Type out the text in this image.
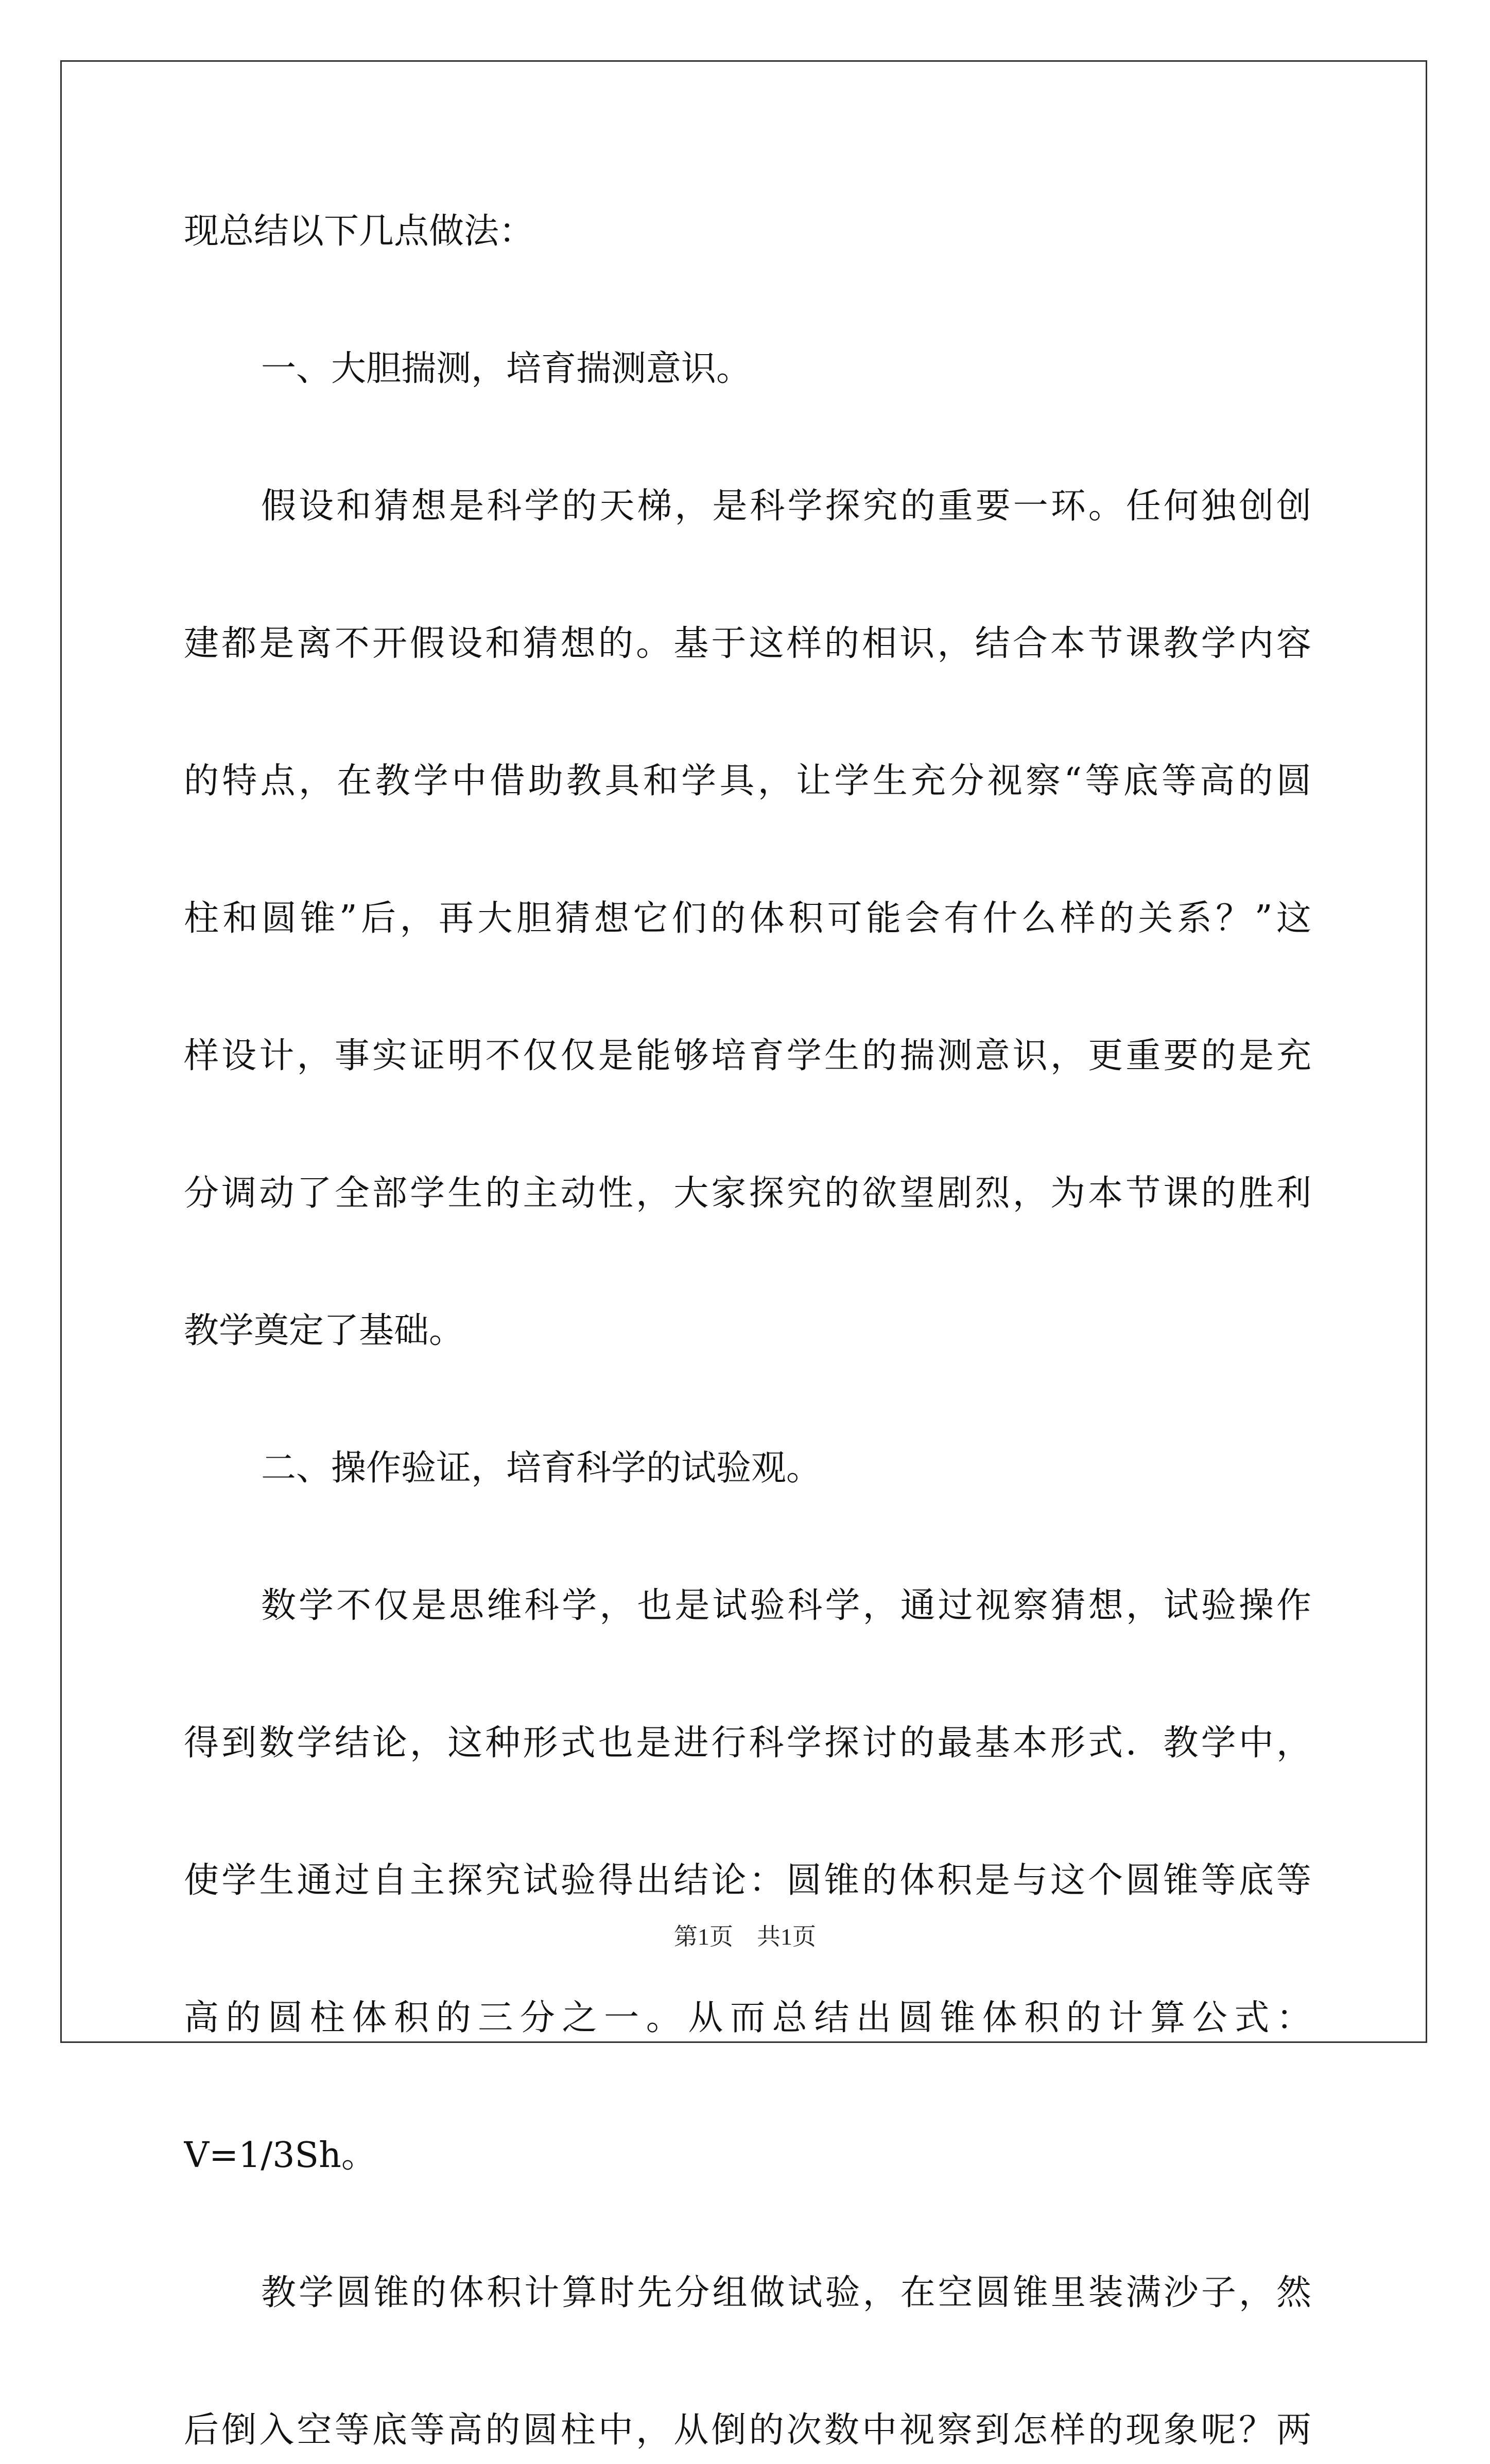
现总结以下几点做法：
一、大胆揣测，培育揣测意识。
假设和猜想是科学的天梯，是科学探究的重要一环。任何独创创
建都是离不开假设和猜想的。基于这样的相识，结合本节课教学内容
的特点，在教学中借助教具和学具，让学生充分视察“等底等高的圆
柱和圆锥”后，再大胆猜想它们的体积可能会有什么样的关系？”这
样设计，事实证明不仅仅是能够培育学生的揣测意识，更重要的是充
分调动了全部学生的主动性，大家探究的欲望剧烈，为本节课的胜利
教学奠定了基础。
二、操作验证，培育科学的试验观。
数学不仅是思维科学，也是试验科学，通过视察猜想，试验操作
得到数学结论，这种形式也是进行科学探讨的最基本形式．教学中，
使学生通过自主探究试验得出结论：圆锥的体积是与这个圆锥等底等
高的圆柱体积的三分之一。从而总结出圆锥体积的计算公式：
V=1/3Sh。
教学圆锥的体积计算时先分组做试验，在空圆锥里装满沙子，然
后倒入空等底等高的圆柱中，从倒的次数中视察到怎样的现象呢？两
第1页　共1页
